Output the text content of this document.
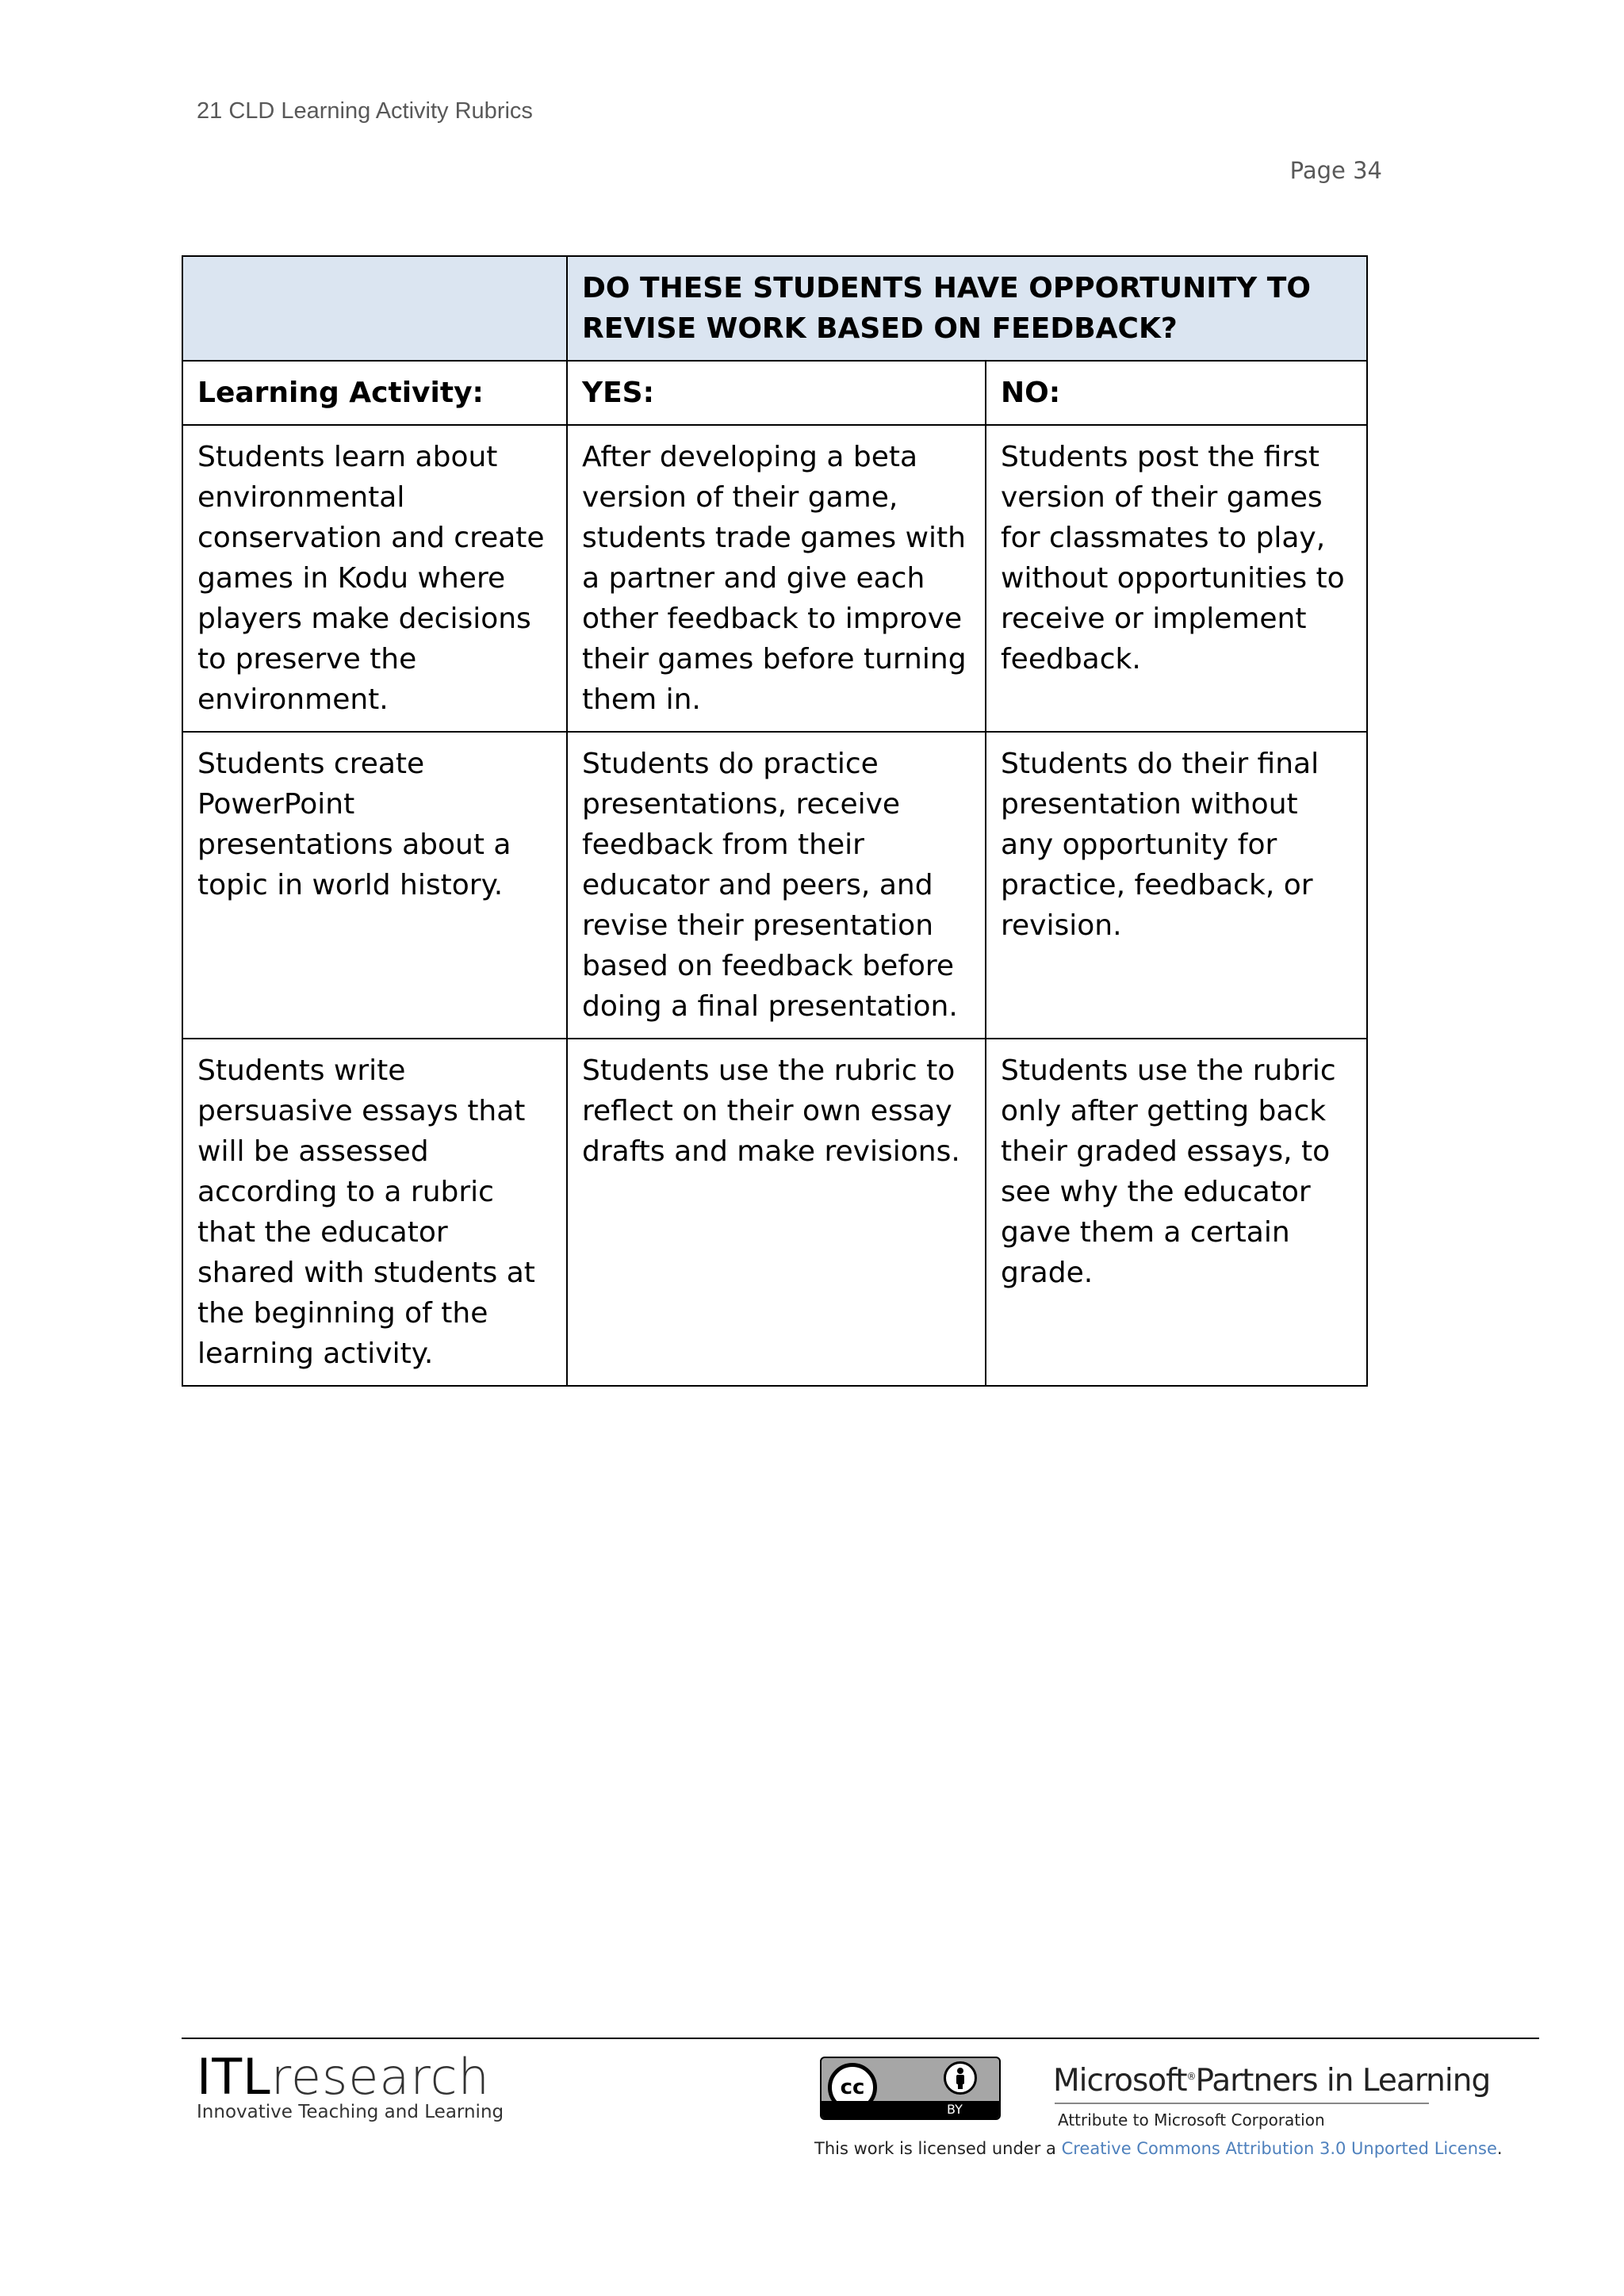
21 CLD Learning Activity Rubrics
Page 34
	DO THESE STUDENTS HAVE OPPORTUNITY TO REVISE WORK BASED ON FEEDBACK?	
Learning Activity:	YES:	NO:
Students learn about environmental conservation and create games in Kodu where players make decisions to preserve the environment.	After developing a beta version of their game, students trade games with a partner and give each other feedback to improve their games before turning them in.	Students post the first version of their games for classmates to play, without opportunities to receive or implement feedback.
Students create PowerPoint presentations about a topic in world history.	Students do practice presentations, receive feedback from their educator and peers, and revise their presentation based on feedback before doing a final presentation.	Students do their final presentation without any opportunity for practice, feedback, or revision.
Students write persuasive essays that will be assessed according to a rubric that the educator shared with students at the beginning of the learning activity.	Students use the rubric to reflect on their own essay drafts and make revisions.	Students use the rubric only after getting back their graded essays, to see why the educator gave them a certain grade.
ITLresearch
Innovative Teaching and Learning
cc
BY
Microsoft®Partners in Learning
Attribute to Microsoft Corporation
This work is licensed under a Creative Commons Attribution 3.0 Unported License.
